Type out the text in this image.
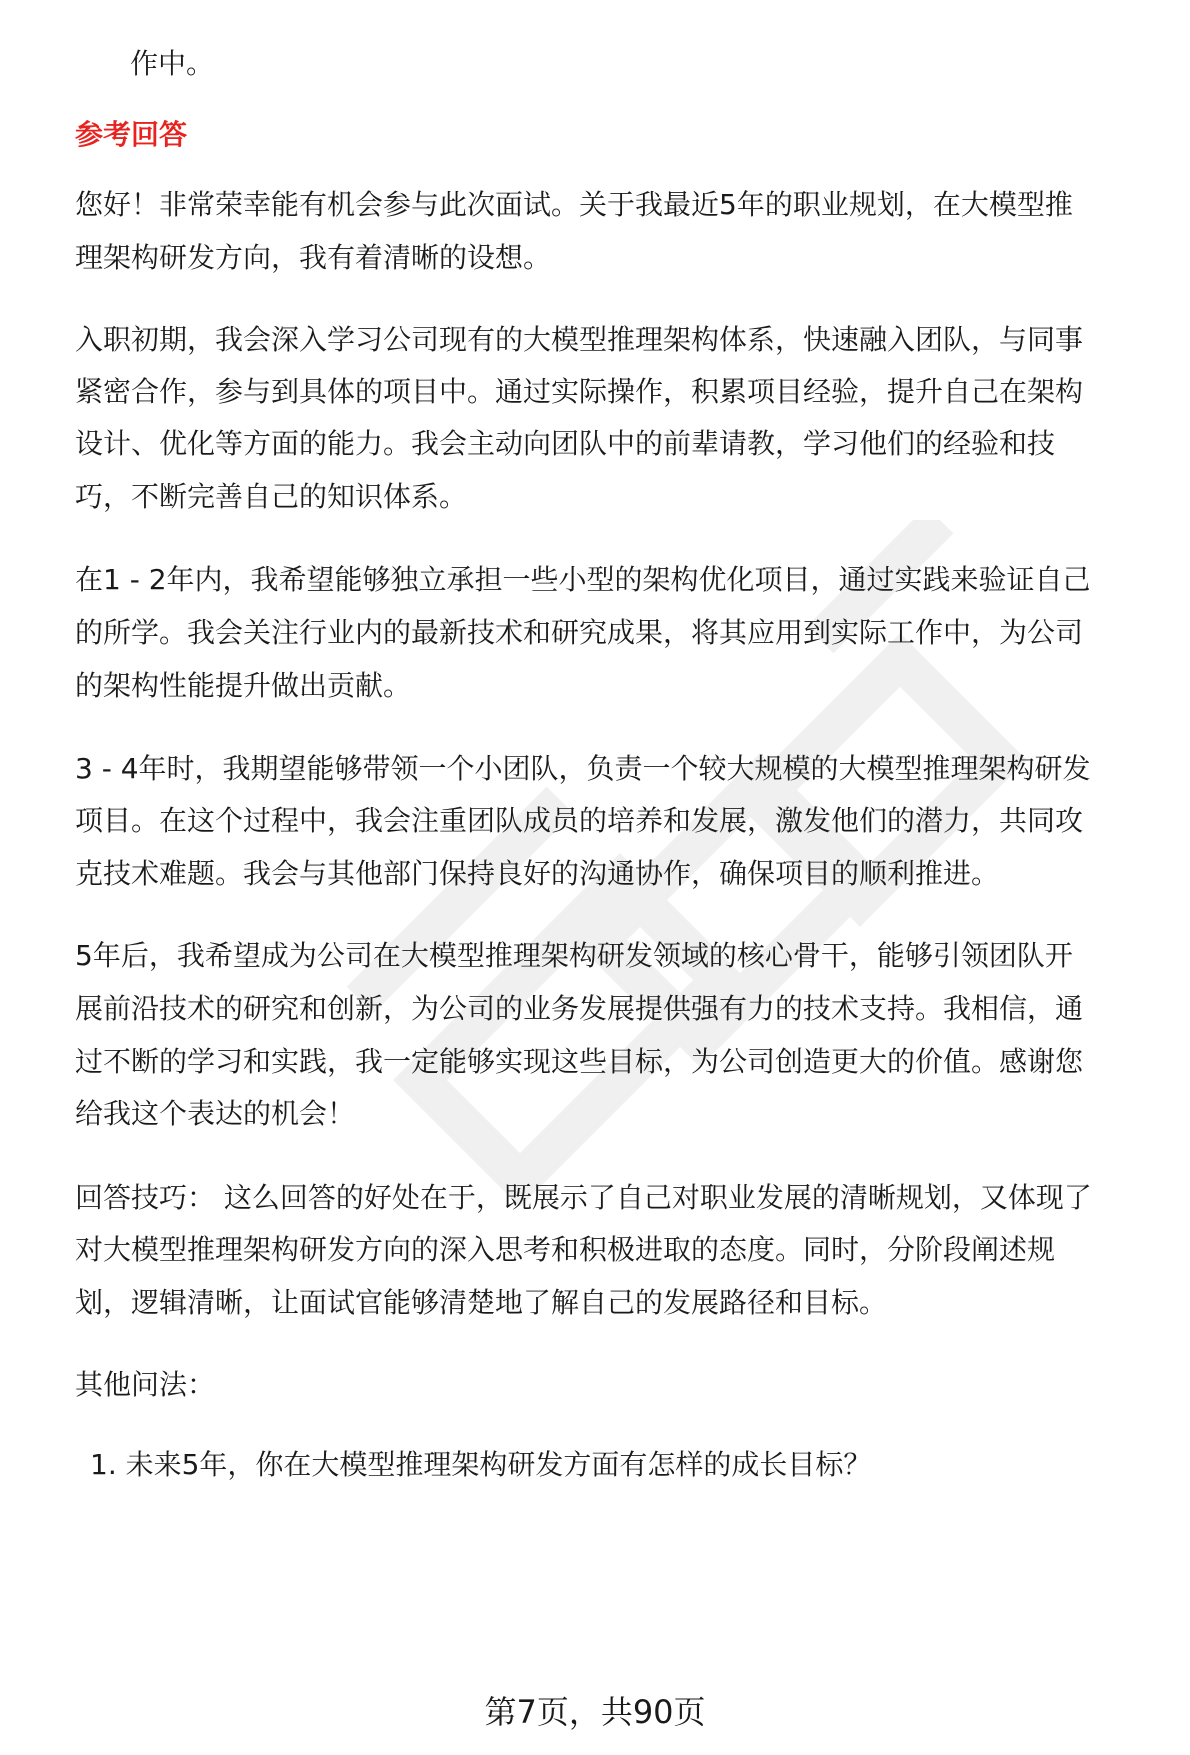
作中。
参考回答
您好！非常荣幸能有机会参与此次面试。关于我最近5年的职业规划，在大模型推
理架构研发方向，我有着清晰的设想。
入职初期，我会深入学习公司现有的大模型推理架构体系，快速融入团队，与同事
紧密合作，参与到具体的项目中。通过实际操作，积累项目经验，提升自己在架构
设计、优化等方面的能力。我会主动向团队中的前辈请教，学习他们的经验和技
巧，不断完善自己的知识体系。
在1 - 2年内，我希望能够独立承担一些小型的架构优化项目，通过实践来验证自己
的所学。我会关注行业内的最新技术和研究成果，将其应用到实际工作中，为公司
的架构性能提升做出贡献。
3 - 4年时，我期望能够带领一个小团队，负责一个较大规模的大模型推理架构研发
项目。在这个过程中，我会注重团队成员的培养和发展，激发他们的潜力，共同攻
克技术难题。我会与其他部门保持良好的沟通协作，确保项目的顺利推进。
5年后，我希望成为公司在大模型推理架构研发领域的核心骨干，能够引领团队开
展前沿技术的研究和创新，为公司的业务发展提供强有力的技术支持。我相信，通
过不断的学习和实践，我一定能够实现这些目标，为公司创造更大的价值。感谢您
给我这个表达的机会！
回答技巧： 这么回答的好处在于，既展示了自己对职业发展的清晰规划，又体现了
对大模型推理架构研发方向的深入思考和积极进取的态度。同时，分阶段阐述规
划，逻辑清晰，让面试官能够清楚地了解自己的发展路径和目标。
其他问法：
1. 未来5年，你在大模型推理架构研发方面有怎样的成长目标？
第7页，共90页
